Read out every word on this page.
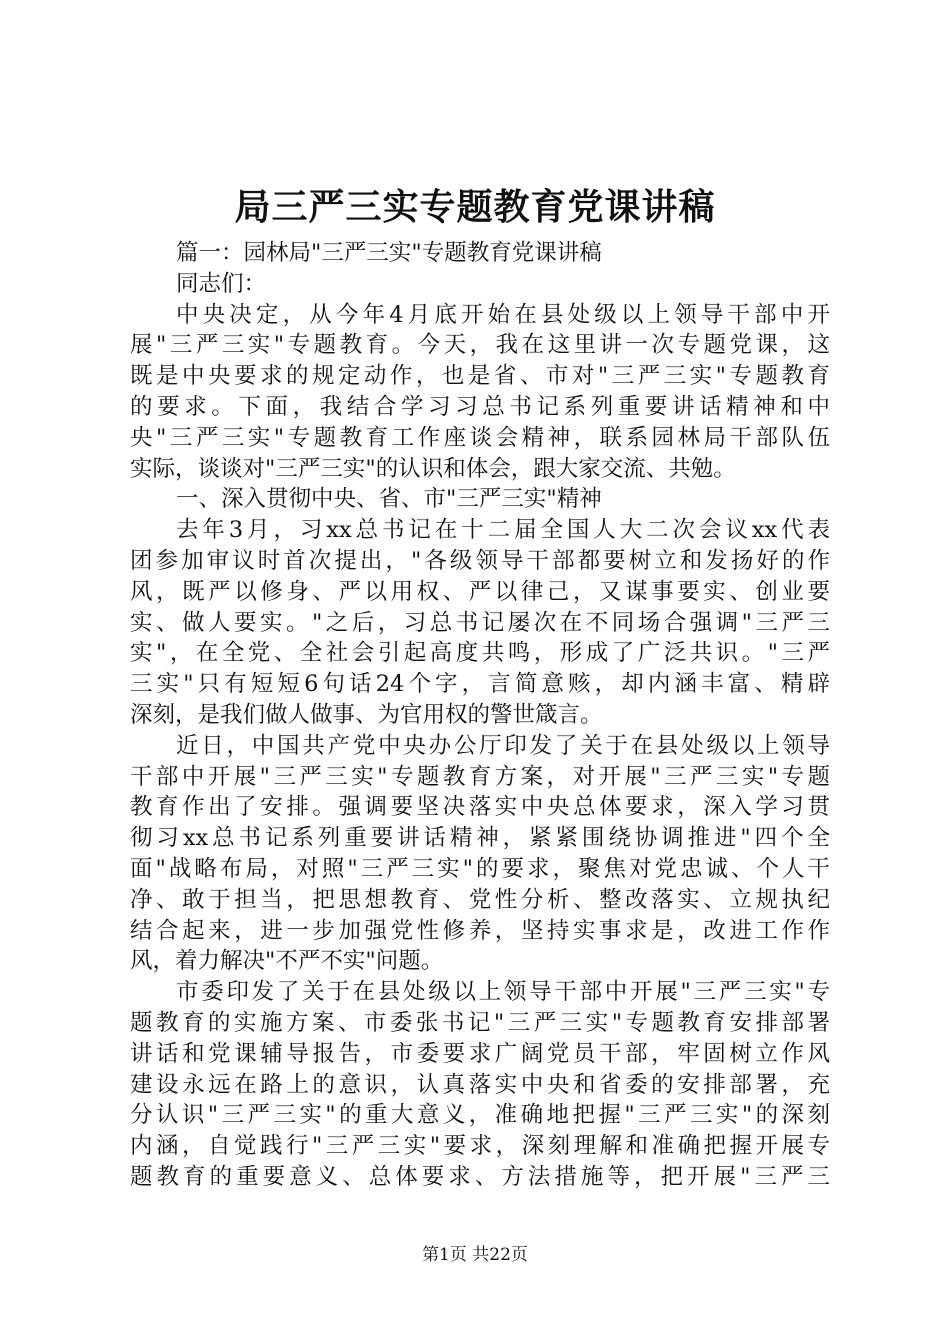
局三严三实专题教育党课讲稿
篇一：园林局"三严三实"专题教育党课讲稿
同志们：
中央决定，从今年4月底开始在县处级以上领导干部中开
展"三严三实"专题教育。今天，我在这里讲一次专题党课，这
既是中央要求的规定动作，也是省、市对"三严三实"专题教育
的要求。下面，我结合学习习总书记系列重要讲话精神和中
央"三严三实"专题教育工作座谈会精神，联系园林局干部队伍
实际，谈谈对"三严三实"的认识和体会，跟大家交流、共勉。
一、深入贯彻中央、省、市"三严三实"精神
去年3月，习xx总书记在十二届全国人大二次会议xx代表
团参加审议时首次提出，"各级领导干部都要树立和发扬好的作
风，既严以修身、严以用权、严以律己，又谋事要实、创业要
实、做人要实。"之后，习总书记屡次在不同场合强调"三严三
实"，在全党、全社会引起高度共鸣，形成了广泛共识。"三严
三实"只有短短6句话24个字，言简意赅，却内涵丰富、精辟
深刻，是我们做人做事、为官用权的警世箴言。
近日，中国共产党中央办公厅印发了关于在县处级以上领导
干部中开展"三严三实"专题教育方案，对开展"三严三实"专题
教育作出了安排。强调要坚决落实中央总体要求，深入学习贯
彻习xx总书记系列重要讲话精神，紧紧围绕协调推进"四个全
面"战略布局，对照"三严三实"的要求，聚焦对党忠诚、个人干
净、敢于担当，把思想教育、党性分析、整改落实、立规执纪
结合起来，进一步加强党性修养，坚持实事求是，改进工作作
风，着力解决"不严不实"问题。
市委印发了关于在县处级以上领导干部中开展"三严三实"专
题教育的实施方案、市委张书记"三严三实"专题教育安排部署
讲话和党课辅导报告，市委要求广阔党员干部，牢固树立作风
建设永远在路上的意识，认真落实中央和省委的安排部署，充
分认识"三严三实"的重大意义，准确地把握"三严三实"的深刻
内涵，自觉践行"三严三实"要求，深刻理解和准确把握开展专
题教育的重要意义、总体要求、方法措施等，把开展"三严三
第1页 共22页
